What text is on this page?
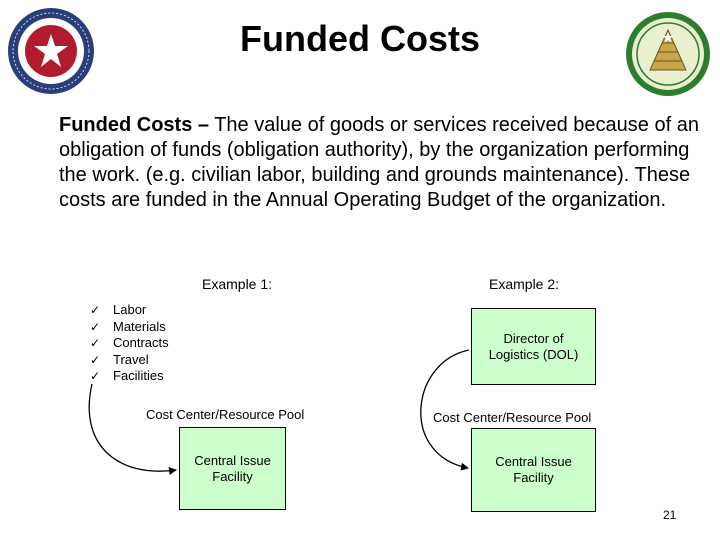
Funded Costs
Funded Costs – The value of goods or services received because of an obligation of funds (obligation authority), by the organization performing the work. (e.g. civilian labor, building and grounds maintenance). These costs are funded in the Annual Operating Budget of the organization.
Example 1:	Example 2:
✓ Labor
✓ Materials
✓ Contracts
✓ Travel
✓ Facilities
Cost Center/Resource Pool	Cost Center/Resource Pool
Central Issue Facility
Director of Logistics (DOL)
Central Issue Facility
21
